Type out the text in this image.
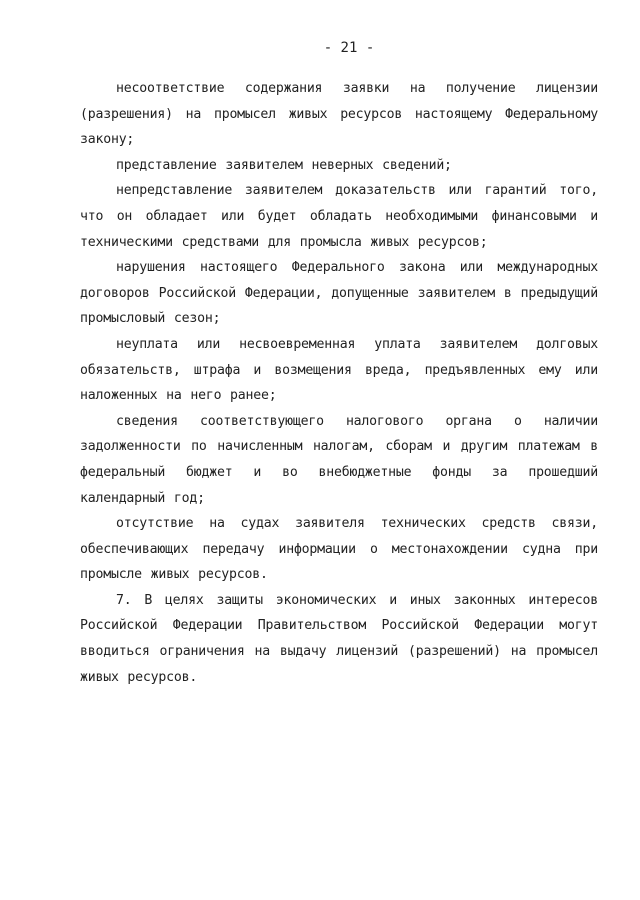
- 21 -

несоответствие содержания заявки на получение лицензии (разрешения) на промысел живых ресурсов настоящему Федеральному закону;

представление заявителем неверных сведений;

непредставление заявителем доказательств или гарантий того, что он обладает или будет обладать необходимыми финансовыми и техническими средствами для промысла живых ресурсов;

нарушения настоящего Федерального закона или международных договоров Российской Федерации, допущенные заявителем в предыдущий промысловый сезон;

неуплата или несвоевременная уплата заявителем долговых обязательств, штрафа и возмещения вреда, предъявленных ему или наложенных на него ранее;

сведения соответствующего налогового органа о наличии задолженности по начисленным налогам, сборам и другим платежам в федеральный бюджет и во внебюджетные фонды за прошедший календарный год;

отсутствие на судах заявителя технических средств связи, обеспечивающих передачу информации о местонахождении судна при промысле живых ресурсов.

7. В целях защиты экономических и иных законных интересов Российской Федерации Правительством Российской Федерации могут вводиться ограничения на выдачу лицензий (разрешений) на промысел живых ресурсов.
